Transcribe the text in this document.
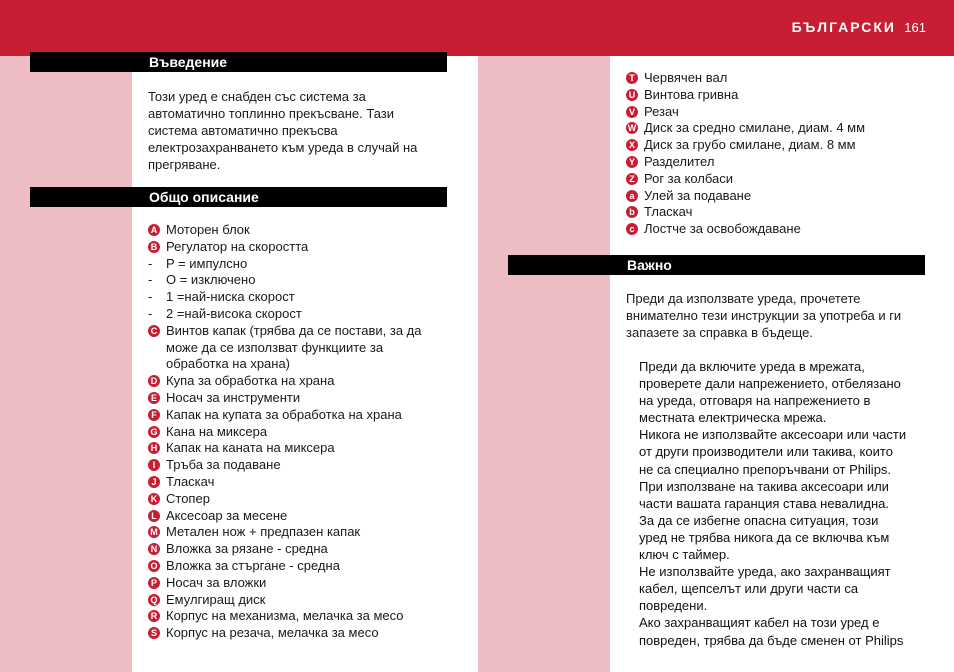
БЪЛГАРСКИ 161
Въведение
Този уред е снабден със система за
автоматично топлинно прекъсване. Тази
система автоматично прекъсва
електрозахранването към уреда в случай на
прегряване.
Общо описание
A Моторен блок
B Регулатор на скоростта
- P = импулсно
- O = изключено
- 1 =най-ниска скорост
- 2 =най-висока скорост
C Винтов капак (трябва да се постави, за да
може да се използват функциите за
обработка на храна)
D Купа за обработка на храна
E Носач за инструменти
F Капак на купата за обработка на храна
G Кана на миксера
H Капак на каната на миксера
I Тръба за подаване
J Тласкач
K Стопер
L Аксесоар за месене
M Метален нож + предпазен капак
N Вложка за рязане - средна
O Вложка за стъргане - средна
P Носач за вложки
Q Емулгиращ диск
R Корпус на механизма, мелачка за месо
S Корпус на резача, мелачка за месо
T Червячен вал
U Винтова гривна
V Резач
W Диск за средно смилане, диам. 4 мм
X Диск за грубо смилане, диам. 8 мм
Y Разделител
Z Рог за колбаси
a Улей за подаване
b Тласкач
c Лостче за освобождаване
Важно
Преди да използвате уреда, прочетете
внимателно тези инструкции за употреба и ги
запазете за справка в бъдеще.
Преди да включите уреда в мрежата,
проверете дали напрежението, отбелязано
на уреда, отговаря на напрежението в
местната електрическа мрежа.
Никога не използвайте аксесоари или части
от други производители или такива, които
не са специално препоръчвани от Philips.
При използване на такива аксесоари или
части вашата гаранция става невалидна.
За да се избегне опасна ситуация, този
уред не трябва никога да се включва към
ключ с таймер.
Не използвайте уреда, ако захранващият
кабел, щепселът или други части са
повредени.
Ако захранващият кабел на този уред е
повреден, трябва да бъде сменен от Philips
